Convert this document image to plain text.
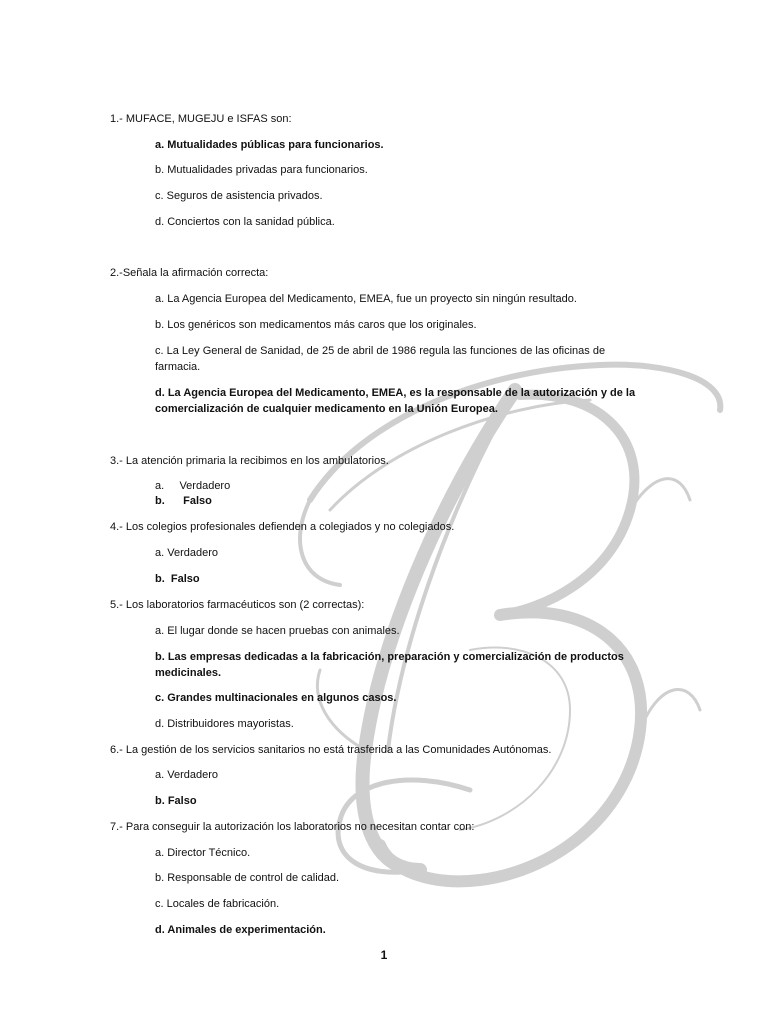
1.- MUFACE, MUGEJU e ISFAS son:
a. Mutualidades públicas para funcionarios.
b. Mutualidades privadas para funcionarios.
c. Seguros de asistencia privados.
d. Conciertos con la sanidad pública.
2.-Señala la afirmación correcta:
a. La Agencia Europea del Medicamento, EMEA, fue un proyecto sin ningún resultado.
b. Los genéricos son medicamentos más caros que los originales.
c. La Ley General de Sanidad, de 25 de abril de 1986 regula las funciones de las oficinas de farmacia.
d. La Agencia Europea del Medicamento, EMEA, es la responsable de la autorización y de la comercialización de cualquier medicamento en la Unión Europea.
3.- La atención primaria la recibimos en los ambulatorios.
a.     Verdadero
b.      Falso
4.- Los colegios profesionales defienden a colegiados y no colegiados.
a. Verdadero
b.  Falso
5.- Los laboratorios farmacéuticos son (2 correctas):
a. El lugar donde se hacen pruebas con animales.
b. Las empresas dedicadas a la fabricación, preparación y comercialización de productos medicinales.
c. Grandes multinacionales en algunos casos.
d. Distribuidores mayoristas.
6.- La gestión de los servicios sanitarios no está trasferida a las Comunidades Autónomas.
a. Verdadero
b. Falso
7.- Para conseguir la autorización los laboratorios no necesitan contar con:
a. Director Técnico.
b. Responsable de control de calidad.
c. Locales de fabricación.
d. Animales de experimentación.
1
